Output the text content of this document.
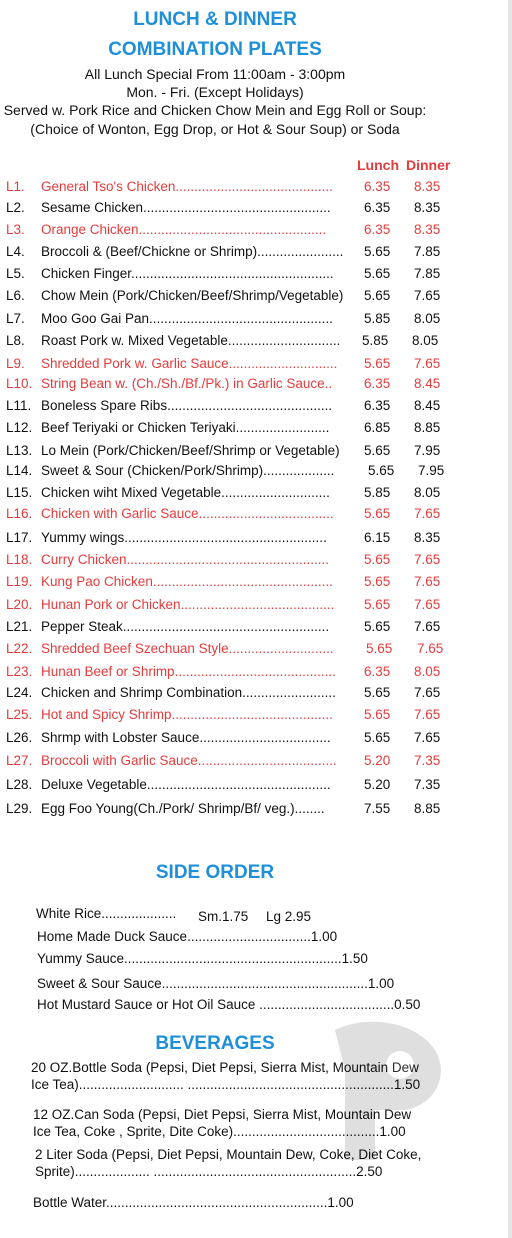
LUNCH & DINNER
COMBINATION PLATES
All Lunch Special From 11:00am - 3:00pm
Mon. - Fri. (Except Holidays)
Served w. Pork Rice and Chicken Chow Mein and Egg Roll or Soup:
(Choice of Wonton, Egg Drop, or Hot & Sour Soup) or Soda
Lunch Dinner
L1. General Tso's Chicken.......................................... 6.35 8.35
L2. Sesame Chicken.................................................. 6.35 8.35
L3. Orange Chicken..................................................	6.35 8.35
L4. Broccoli & (Beef/Chickne or Shrimp)....................... 5.65 7.85
L5. Chicken Finger...................................................... 5.65 7.85
L6. Chow Mein (Pork/Chicken/Beef/Shrimp/Vegetable) 5.65 7.65
L7. Moo Goo Gai Pan................................................. 5.85 8.05
L8. Roast Pork w. Mixed Vegetable.............................. 5.85 8.05
L9. Shredded Pork w. Garlic Sauce............................. 5.65 7.65
L10. String Bean w. (Ch./Sh./Bf./Pk.) in Garlic Sauce.. 6.35 8.45
L11. Boneless Spare Ribs............................................ 6.35 8.45
L12. Beef Teriyaki or Chicken Teriyaki.........................	6.85 8.85
L13. Lo Mein (Pork/Chicken/Beef/Shrimp or Vegetable) 5.65 7.95
L14. Sweet & Sour (Chicken/Pork/Shrimp)................... 5.65 7.95
L15. Chicken wiht Mixed Vegetable.............................	5.85 8.05
L16. Chicken with Garlic Sauce.................................... 5.65 7.65
L17. Yummy wings......................................................	6.15 8.35
L18. Curry Chicken......................................................	5.65 7.65
L19. Kung Pao Chicken................................................ 5.65 7.65
L20. Hunan Pork or Chicken......................................... 5.65 7.65
L21. Pepper Steak.......................................................	5.65 7.65
L22. Shredded Beef Szechuan Style............................ 5.65 7.65
L23. Hunan Beef or Shrimp........................................... 6.35 8.05
L24. Chicken and Shrimp Combination......................... 5.65 7.65
L25. Hot and Spicy Shrimp........................................... 5.65 7.65
L26. Shrmp with Lobster Sauce................................... 5.65 7.65
L27. Broccoli with Garlic Sauce..................................... 5.20 7.35
L28. Deluxe Vegetable................................................. 5.20 7.35
L29. Egg Foo Young(Ch./Pork/ Shrimp/Bf/ veg.)........	7.55 8.85
SIDE ORDER
White Rice.................... Sm.1.75 Lg 2.95
Home Made Duck Sauce.................................1.00
Yummy Sauce..........................................................1.50
Sweet & Sour Sauce.......................................................1.00
Hot Mustard Sauce or Hot Oil Sauce ....................................0.50
BEVERAGES
20 OZ.Bottle Soda (Pepsi, Diet Pepsi, Sierra Mist, Mountain Dew
Ice Tea)............................ .......................................................1.50
12 OZ.Can Soda (Pepsi, Diet Pepsi, Sierra Mist, Mountain Dew
Ice Tea, Coke , Sprite, Dite Coke).......................................1.00
2 Liter Soda (Pepsi, Diet Pepsi, Mountain Dew, Coke, Diet Coke,
Sprite).................... ......................................................2.50
Bottle Water...........................................................1.00
